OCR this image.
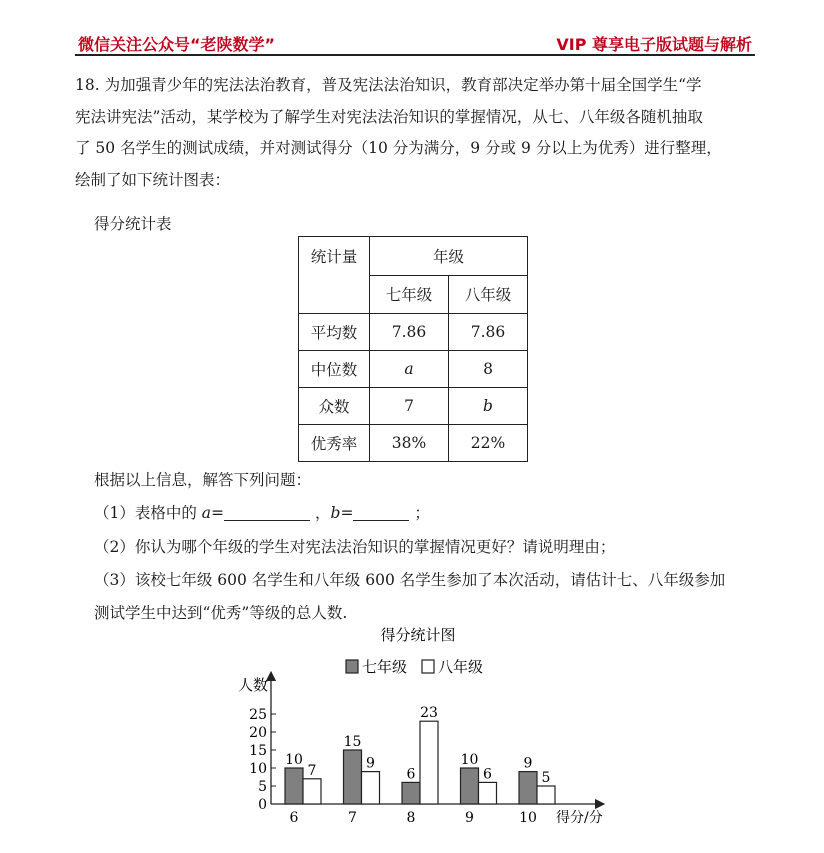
微信关注公众号“老陕数学”	VIP 尊享电子版试题与解析
18. 为加强青少年的宪法法治教育，普及宪法法治知识，教育部决定举办第十届全国学生“学
宪法讲宪法”活动，某学校为了解学生对宪法法治知识的掌握情况，从七、八年级各随机抽取
了 50 名学生的测试成绩，并对测试得分（10 分为满分，9 分或 9 分以上为优秀）进行整理，
绘制了如下统计图表：
得分统计表
统计量	年级	
	七年级	八年级
平均数	7.86	7.86
中位数	a	8
众数	7	b
优秀率	38%	22%
根据以上信息，解答下列问题：
（1）表格中的 a=	，b=	；
（2）你认为哪个年级的学生对宪法法治知识的掌握情况更好？请说明理由；
（3）该校七年级 600 名学生和八年级 600 名学生参加了本次活动，请估计七、八年级参加
测试学生中达到“优秀”等级的总人数.
得分统计图
七年级 八年级
人数
得分/分
0
5
10
15
20
25
10
7
6
15
9
7
6
23
8
10
6
9
9
5
10
